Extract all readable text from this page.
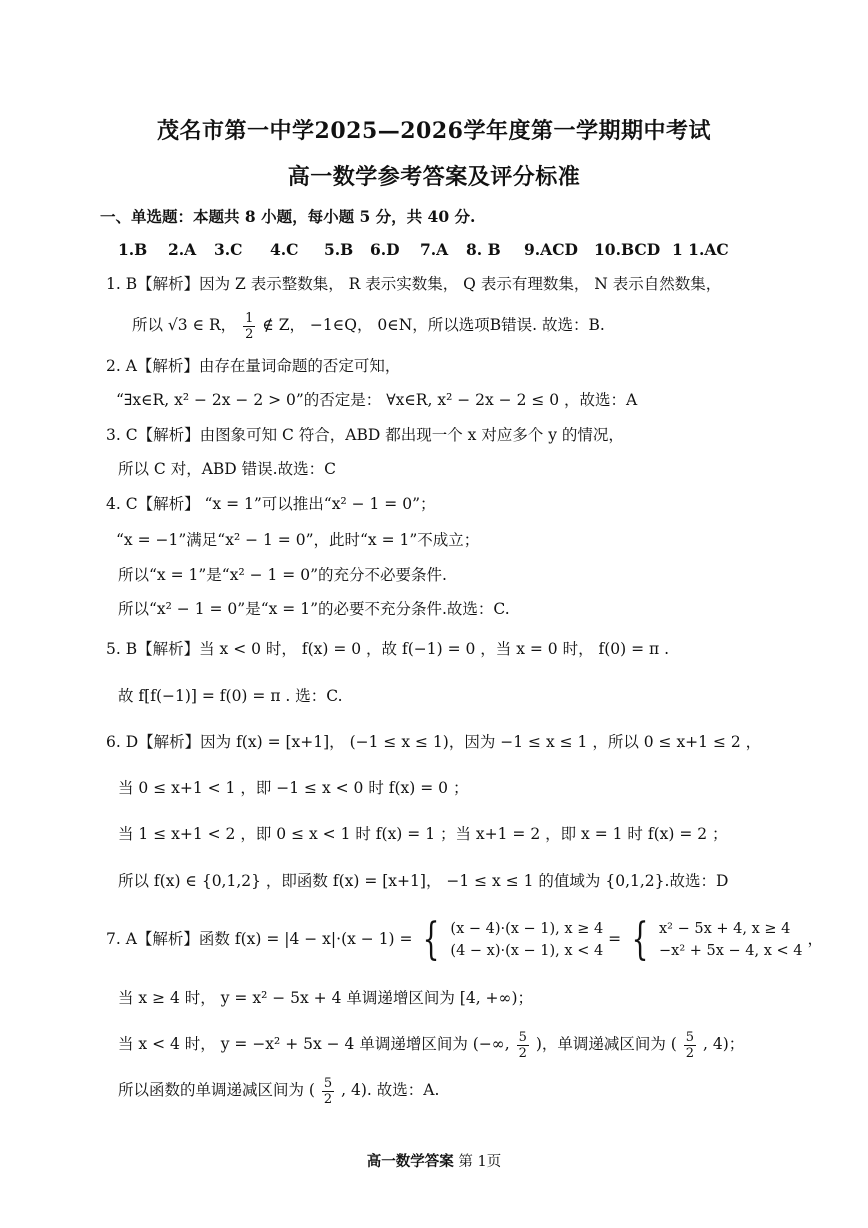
茂名市第一中学2025—2026学年度第一学期期中考试
高一数学参考答案及评分标准
一、单选题：本题共 8 小题，每小题 5 分，共 40 分.
1.B 2.A 3.C 4.C 5.B 6.D 7.A 8. B 9.ACD 10.BCD 1 1.AC
1. B【解析】因为 Z 表示整数集， R 表示实数集， Q 表示有理数集， N 表示自然数集，
所以 √3 ∈ R， $\frac{1}{2}$ ∉ Z， −1∈Q， 0∈N，所以选项B错误. 故选：B.
2. A【解析】由存在量词命题的否定可知，
“∃x∈R, x² − 2x − 2 > 0”的否定是： ∀x∈R, x² − 2x − 2 ≤ 0 ，故选：A
3. C【解析】由图象可知 C 符合，ABD 都出现一个 x 对应多个 y 的情况，
所以 C 对，ABD 错误.故选：C
4. C【解析】 “x = 1”可以推出“x² − 1 = 0”；
“x = −1”满足“x² − 1 = 0”，此时“x = 1”不成立；
所以“x = 1”是“x² − 1 = 0”的充分不必要条件.
所以“x² − 1 = 0”是“x = 1”的必要不充分条件.故选：C.
5. B【解析】当 x < 0 时， f(x) = 0 ，故 f(−1) = 0 ，当 x = 0 时， f(0) = π .
故 f[f(−1)] = f(0) = π . 选：C.
6. D【解析】因为 f(x) = [x+1]， (−1 ≤ x ≤ 1)，因为 −1 ≤ x ≤ 1 ，所以 0 ≤ x+1 ≤ 2 ，
当 0 ≤ x+1 < 1 ，即 −1 ≤ x < 0 时 f(x) = 0 ；
当 1 ≤ x+1 < 2 ，即 0 ≤ x < 1 时 f(x) = 1 ；当 x+1 = 2 ，即 x = 1 时 f(x) = 2 ；
所以 f(x) ∈ {0,1,2} ，即函数 f(x) = [x+1]， −1 ≤ x ≤ 1 的值域为 {0,1,2}.故选：D
7. A【解析】函数 f(x) = |4 − x|·(x − 1) = { (x − 4)·(x − 1), x ≥ 4
(4 − x)·(x − 1), x < 4
= { x² − 5x + 4, x ≥ 4
−x² + 5x − 4, x < 4
，
当 x ≥ 4 时， y = x² − 5x + 4 单调递增区间为 [4, +∞)；
当 x < 4 时， y = −x² + 5x − 4 单调递增区间为 (−∞, $\frac{5}{2}$ )，单调递减区间为 ( $\frac{5}{2}$ , 4)；
所以函数的单调递减区间为 ( $\frac{5}{2}$ , 4). 故选：A.
高一数学答案 第 1页
